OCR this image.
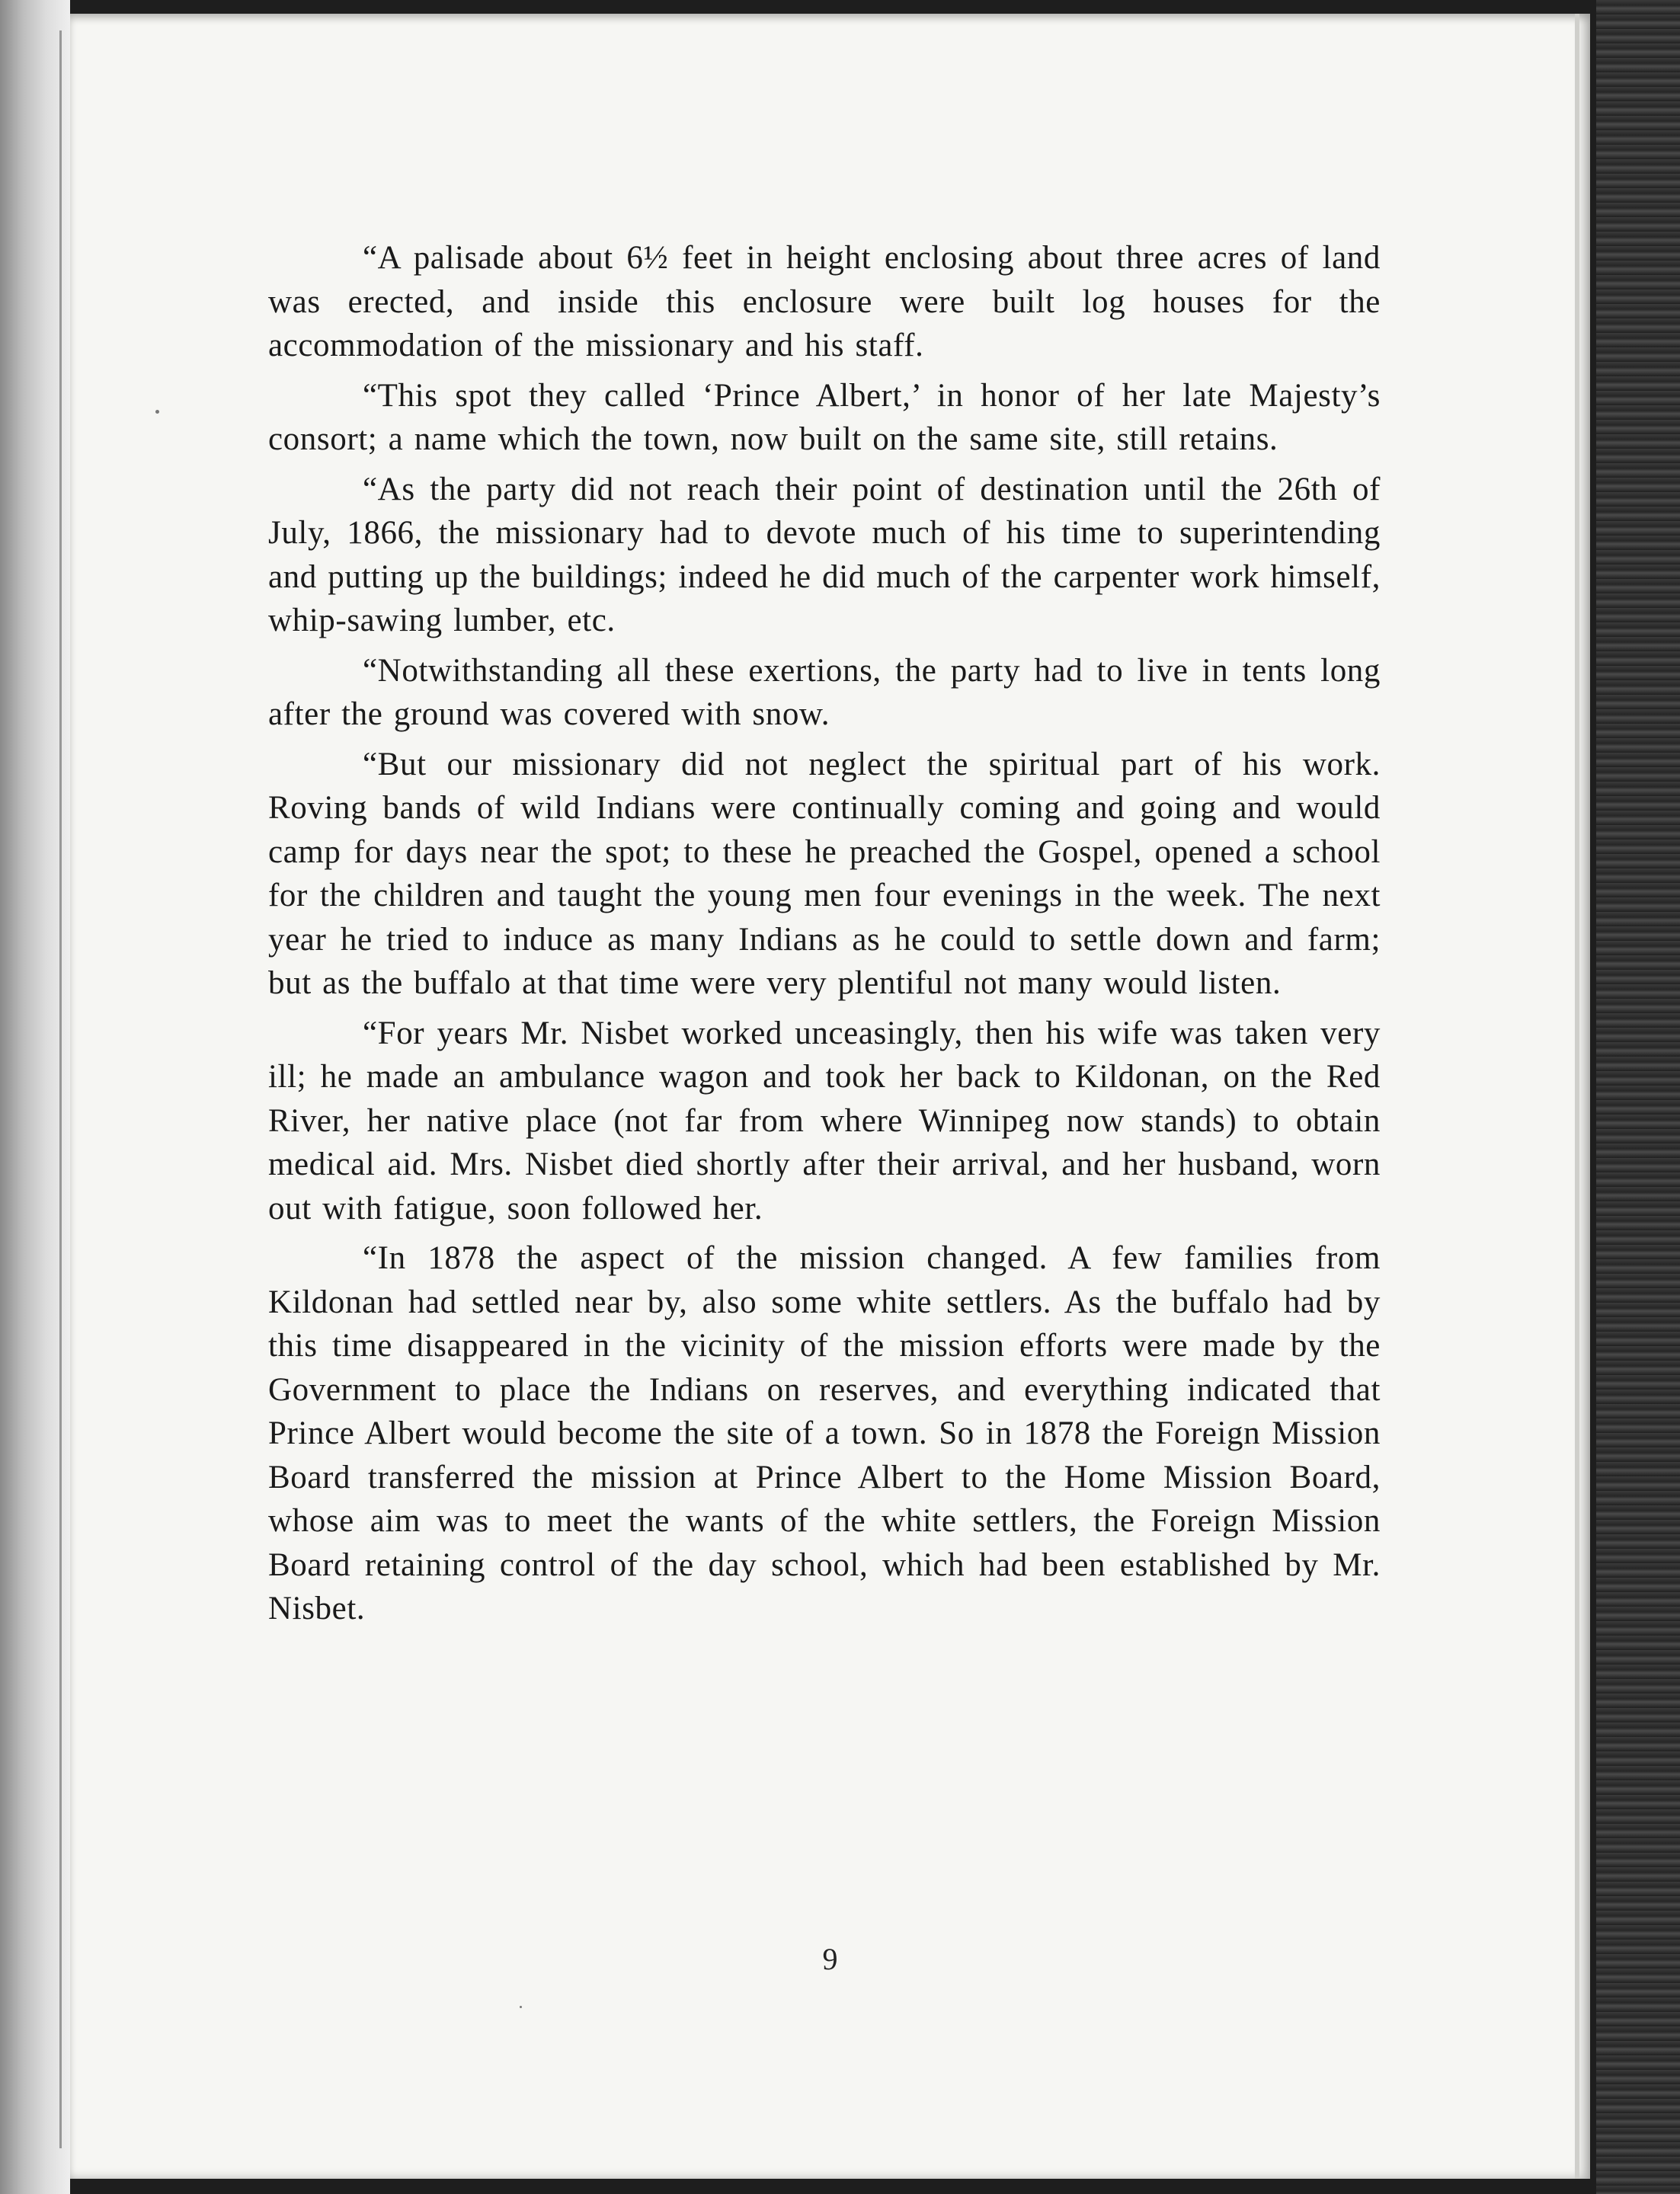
“A palisade about 6½ feet in height enclosing about three acres of land was erected, and inside this enclosure were built log houses for the accommodation of the missionary and his staff.

“This spot they called ‘Prince Albert,’ in honor of her late Majesty’s consort; a name which the town, now built on the same site, still retains.

“As the party did not reach their point of destination until the 26th of July, 1866, the missionary had to devote much of his time to superintending and putting up the buildings; indeed he did much of the carpenter work himself, whip-sawing lumber, etc.

“Notwithstanding all these exertions, the party had to live in tents long after the ground was covered with snow.

“But our missionary did not neglect the spiritual part of his work. Roving bands of wild Indians were continually coming and going and would camp for days near the spot; to these he preached the Gospel, opened a school for the children and taught the young men four evenings in the week. The next year he tried to induce as many Indians as he could to settle down and farm; but as the buffalo at that time were very plentiful not many would listen.

“For years Mr. Nisbet worked unceasingly, then his wife was taken very ill; he made an ambulance wagon and took her back to Kildonan, on the Red River, her native place (not far from where Winnipeg now stands) to obtain medical aid. Mrs. Nisbet died shortly after their arrival, and her husband, worn out with fatigue, soon followed her.

“In 1878 the aspect of the mission changed. A few families from Kildonan had settled near by, also some white settlers. As the buffalo had by this time disappeared in the vicinity of the mission efforts were made by the Government to place the Indians on reserves, and everything indicated that Prince Albert would become the site of a town. So in 1878 the Foreign Mission Board transferred the mission at Prince Albert to the Home Mission Board, whose aim was to meet the wants of the white settlers, the Foreign Mission Board retaining control of the day school, which had been established by Mr. Nisbet.

9
